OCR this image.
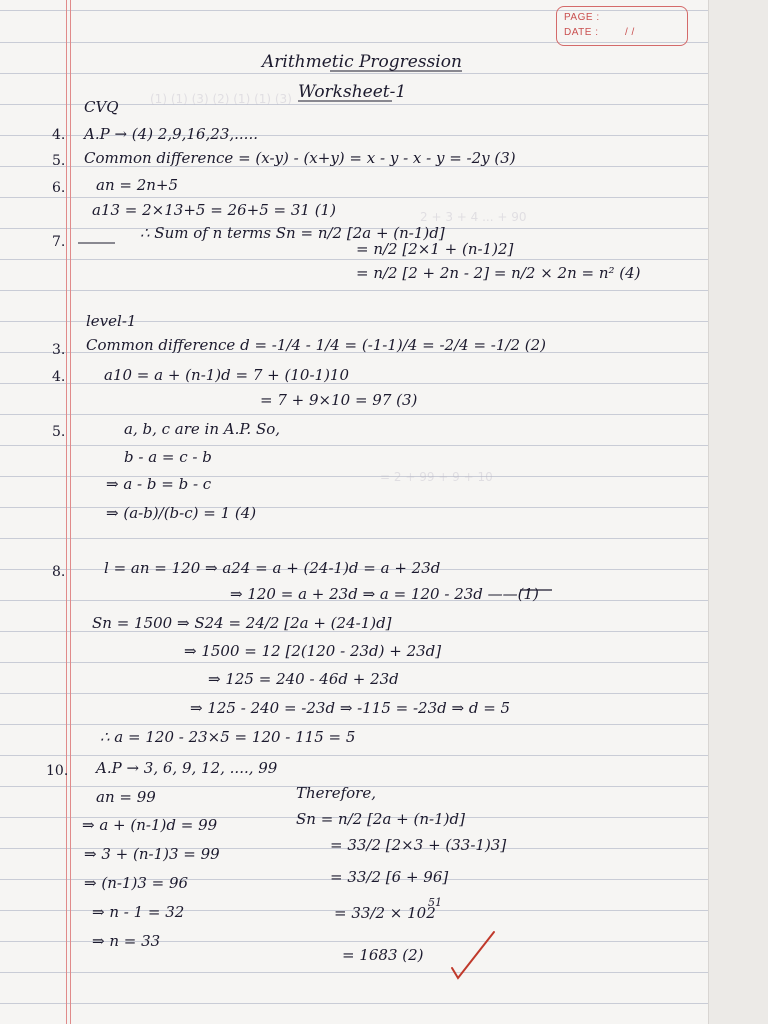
PAGE :
DATE :	/ /
(1) (1) (3) (2) (1) (1) (3)
2 + 3 + 4 ... + 90
= 2 + 99 + 9 + 10
Arithmetic Progression
Worksheet-1
CVQ
4. A.P → (4) 2,9,16,23,.....
5. Common difference = (x-y) - (x+y) = x - y - x - y = -2y (3)
6. an = 2n+5
a13 = 2×13+5 = 26+5 = 31 (1)
7.	∴ Sum of n terms Sn = n/2 [2a + (n-1)d]
= n/2 [2×1 + (n-1)2]
= n/2 [2 + 2n - 2] = n/2 × 2n = n² (4)
level-1
3. Common difference d = -1/4 - 1/4 = (-1-1)/4 = -2/4 = -1/2 (2)
4.	a10 = a + (n-1)d = 7 + (10-1)10
= 7 + 9×10 = 97 (3)
5.	a, b, c are in A.P. So,
b - a = c - b
⇒ a - b = b - c
⇒ (a-b)/(b-c) = 1 (4)
8.	l = an = 120 ⇒ a24 = a + (24-1)d = a + 23d
⇒ 120 = a + 23d ⇒ a = 120 - 23d ——(1)
Sn = 1500 ⇒ S24 = 24/2 [2a + (24-1)d]
⇒ 1500 = 12 [2(120 - 23d) + 23d]
⇒ 125 = 240 - 46d + 23d
⇒ 125 - 240 = -23d ⇒ -115 = -23d ⇒ d = 5
∴ a = 120 - 23×5 = 120 - 115 = 5
10. A.P → 3, 6, 9, 12, ...., 99
an = 99	Therefore,
⇒ a + (n-1)d = 99	Sn = n/2 [2a + (n-1)d]
⇒ 3 + (n-1)3 = 99	= 33/2 [2×3 + (33-1)3]
⇒ (n-1)3 = 96	= 33/2 [6 + 96]
⇒ n - 1 = 32	= 33/2 × 102
51
⇒ n = 33
= 1683 (2)
